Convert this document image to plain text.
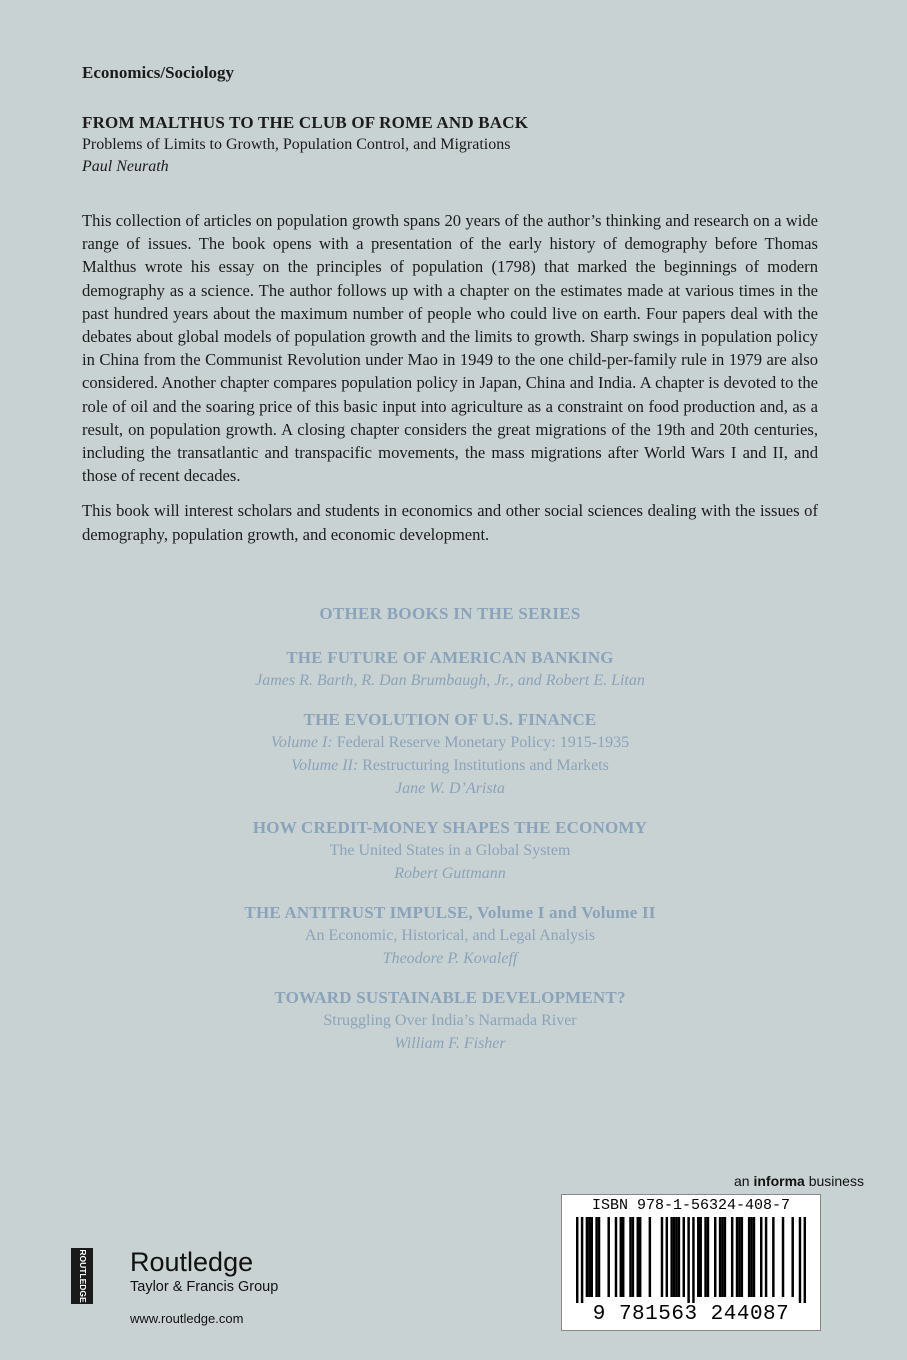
Economics/Sociology
FROM MALTHUS TO THE CLUB OF ROME AND BACK
Problems of Limits to Growth, Population Control, and Migrations
Paul Neurath

This collection of articles on population growth spans 20 years of the author’s thinking and research on a wide range of issues. The book opens with a presentation of the early history of demography before Thomas Malthus wrote his essay on the principles of population (1798) that marked the beginnings of modern demography as a science. The author follows up with a chapter on the estimates made at various times in the past hundred years about the maximum number of people who could live on earth. Four papers deal with the debates about global models of population growth and the limits to growth. Sharp swings in population policy in China from the Communist Revolution under Mao in 1949 to the one child-per-family rule in 1979 are also considered. Another chapter compares population policy in Japan, China and India. A chapter is devoted to the role of oil and the soaring price of this basic input into agriculture as a constraint on food production and, as a result, on population growth. A closing chapter considers the great migrations of the 19th and 20th centuries, including the transatlantic and transpacific movements, the mass migrations after World Wars I and II, and those of recent decades.

This book will interest scholars and students in economics and other social sciences dealing with the issues of demography, population growth, and economic development.

OTHER BOOKS IN THE SERIES
THE FUTURE OF AMERICAN BANKING
James R. Barth, R. Dan Brumbaugh, Jr., and Robert E. Litan
THE EVOLUTION OF U.S. FINANCE
Volume I: Federal Reserve Monetary Policy: 1915-1935
Volume II: Restructuring Institutions and Markets
Jane W. D’Arista
HOW CREDIT-MONEY SHAPES THE ECONOMY
The United States in a Global System
Robert Guttmann
THE ANTITRUST IMPULSE, Volume I and Volume II
An Economic, Historical, and Legal Analysis
Theodore P. Kovaleff
TOWARD SUSTAINABLE DEVELOPMENT?
Struggling Over India’s Narmada River
William F. Fisher
an informa business
ISBN 978-1-56324-408-7
9 781563 244087
ROUTLEDGE Routledge
Taylor & Francis Group
www.routledge.com
